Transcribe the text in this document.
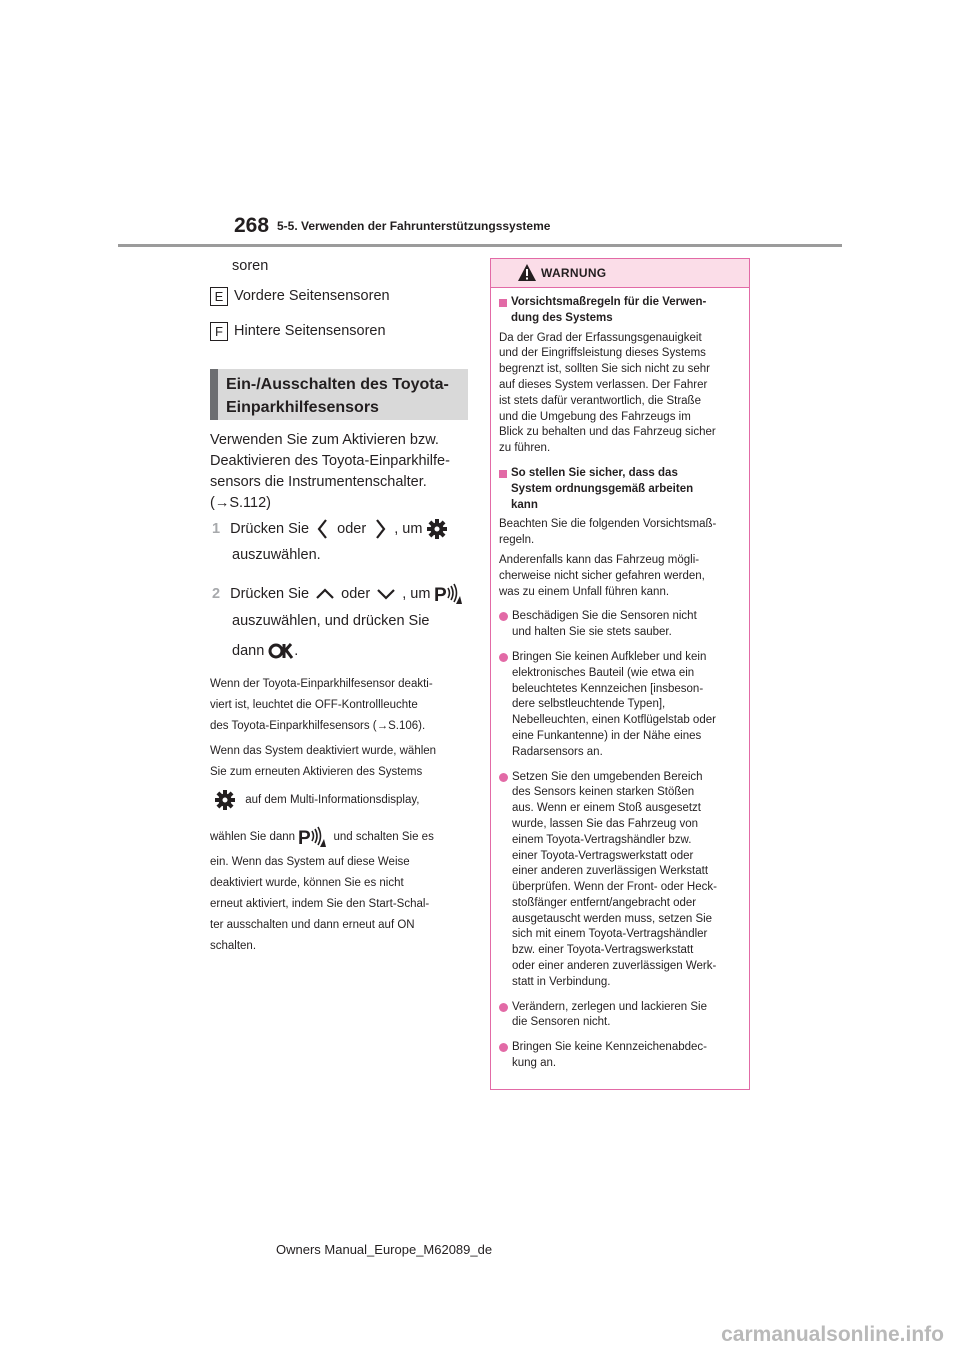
268 5-5. Verwenden der Fahrunterstützungssysteme
soren
E Vordere Seitensensoren
F Hintere Seitensensoren
Ein-/Ausschalten des Toyota-
Einparkhilfesensors
Verwenden Sie zum Aktivieren bzw.
Deaktivieren des Toyota-Einparkhilfe-
sensors die Instrumentenschalter.
(→S.112)
1 Drücken Sie oder , um
auszuwählen.
2 Drücken Sie oder , um P
auszuwählen, und drücken Sie
dann .
Wenn der Toyota-Einparkhilfesensor deakti-
viert ist, leuchtet die OFF-Kontrollleuchte
des Toyota-Einparkhilfesensors (→S.106).
Wenn das System deaktiviert wurde, wählen
Sie zum erneuten Aktivieren des Systems
auf dem Multi-Informationsdisplay,
wählen Sie dann P und schalten Sie es
ein. Wenn das System auf diese Weise
deaktiviert wurde, können Sie es nicht
erneut aktiviert, indem Sie den Start-Schal-
ter ausschalten und dann erneut auf ON
schalten.
WARNUNG
Vorsichtsmaßregeln für die Verwen-
dung des Systems
Da der Grad der Erfassungsgenauigkeit
und der Eingriffsleistung dieses Systems
begrenzt ist, sollten Sie sich nicht zu sehr
auf dieses System verlassen. Der Fahrer
ist stets dafür verantwortlich, die Straße
und die Umgebung des Fahrzeugs im
Blick zu behalten und das Fahrzeug sicher
zu führen.
So stellen Sie sicher, dass das
System ordnungsgemäß arbeiten
kann
Beachten Sie die folgenden Vorsichtsmaß-
regeln.
Anderenfalls kann das Fahrzeug mögli-
cherweise nicht sicher gefahren werden,
was zu einem Unfall führen kann.
Beschädigen Sie die Sensoren nicht
und halten Sie sie stets sauber.
Bringen Sie keinen Aufkleber und kein
elektronisches Bauteil (wie etwa ein
beleuchtetes Kennzeichen [insbeson-
dere selbstleuchtende Typen],
Nebelleuchten, einen Kotflügelstab oder
eine Funkantenne) in der Nähe eines
Radarsensors an.
Setzen Sie den umgebenden Bereich
des Sensors keinen starken Stößen
aus. Wenn er einem Stoß ausgesetzt
wurde, lassen Sie das Fahrzeug von
einem Toyota-Vertragshändler bzw.
einer Toyota-Vertragswerkstatt oder
einer anderen zuverlässigen Werkstatt
überprüfen. Wenn der Front- oder Heck-
stoßfänger entfernt/angebracht oder
ausgetauscht werden muss, setzen Sie
sich mit einem Toyota-Vertragshändler
bzw. einer Toyota-Vertragswerkstatt
oder einer anderen zuverlässigen Werk-
statt in Verbindung.
Verändern, zerlegen und lackieren Sie
die Sensoren nicht.
Bringen Sie keine Kennzeichenabdec-
kung an.
Owners Manual_Europe_M62089_de
carmanualsonline.info
